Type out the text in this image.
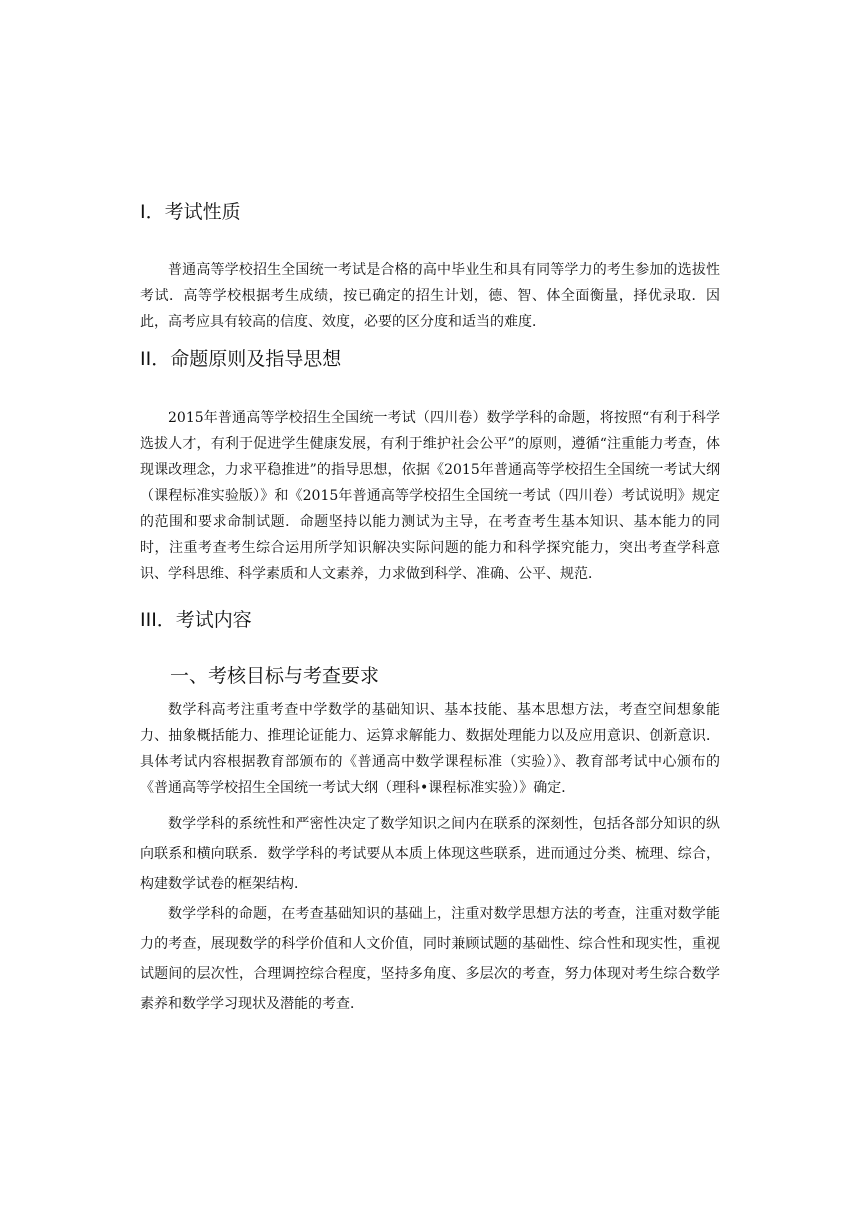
Ⅰ．考试性质

普通高等学校招生全国统一考试是合格的高中毕业生和具有同等学力的考生参加的选拔性考试．高等学校根据考生成绩，按已确定的招生计划，德、智、体全面衡量，择优录取．因此，高考应具有较高的信度、效度，必要的区分度和适当的难度．

II．命题原则及指导思想

2015年普通高等学校招生全国统一考试（四川卷）数学学科的命题，将按照“有利于科学选拔人才，有利于促进学生健康发展，有利于维护社会公平”的原则，遵循“注重能力考查，体现课改理念，力求平稳推进”的指导思想，依据《2015年普通高等学校招生全国统一考试大纲（课程标准实验版）》和《2015年普通高等学校招生全国统一考试（四川卷）考试说明》规定的范围和要求命制试题．命题坚持以能力测试为主导，在考查考生基本知识、基本能力的同时，注重考查考生综合运用所学知识解决实际问题的能力和科学探究能力，突出考查学科意识、学科思维、科学素质和人文素养，力求做到科学、准确、公平、规范．

III．考试内容
一、考核目标与考查要求

数学科高考注重考查中学数学的基础知识、基本技能、基本思想方法，考查空间想象能力、抽象概括能力、推理论证能力、运算求解能力、数据处理能力以及应用意识、创新意识．具体考试内容根据教育部颁布的《普通高中数学课程标准（实验）》、教育部考试中心颁布的《普通高等学校招生全国统一考试大纲（理科•课程标准实验）》确定．

数学学科的系统性和严密性决定了数学知识之间内在联系的深刻性，包括各部分知识的纵向联系和横向联系．数学学科的考试要从本质上体现这些联系，进而通过分类、梳理、综合，构建数学试卷的框架结构．

数学学科的命题，在考查基础知识的基础上，注重对数学思想方法的考查，注重对数学能力的考查，展现数学的科学价值和人文价值，同时兼顾试题的基础性、综合性和现实性，重视试题间的层次性，合理调控综合程度，坚持多角度、多层次的考查，努力体现对考生综合数学素养和数学学习现状及潜能的考查．
